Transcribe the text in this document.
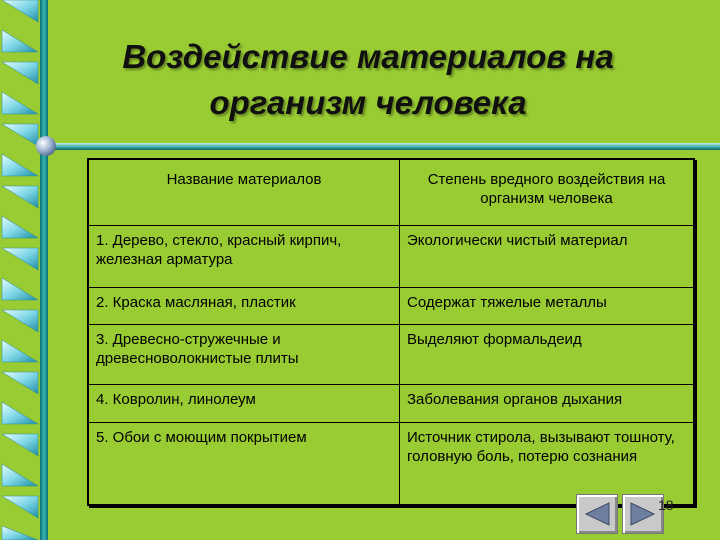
Воздействие материалов на организм человека
Название материалов	Степень вредного воздействия на организм человека
1. Дерево, стекло, красный кирпич, железная арматура	Экологически чистый материал
2. Краска масляная, пластик	Содержат тяжелые металлы
3. Древесно-стружечные и древесноволокнистые плиты	Выделяют формальдеид
4. Ковролин, линолеум	Заболевания органов дыхания
5. Обои с моющим покрытием	Источник стирола, вызывают тошноту, головную боль, потерю сознания
18
